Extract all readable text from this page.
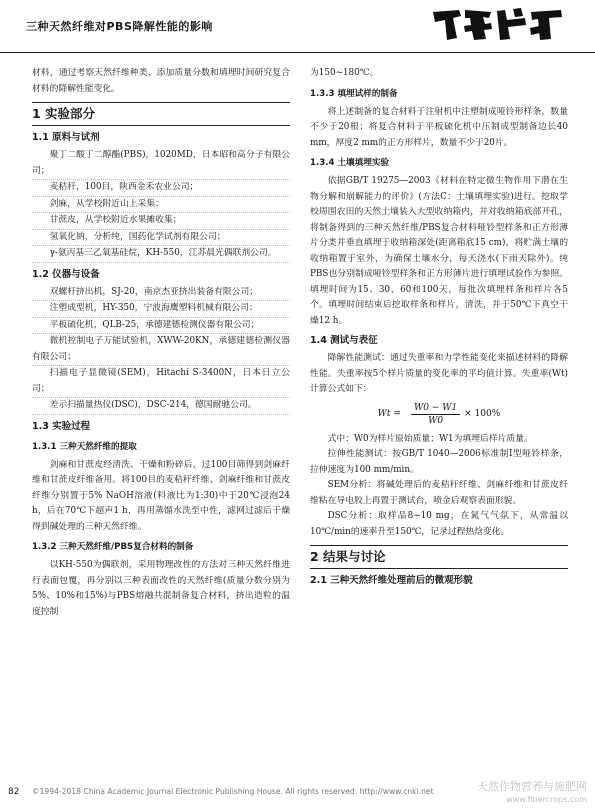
三种天然纤维对PBS降解性能的影响

材料，通过考察天然纤维种类、添加质量分数和填埋时间研究复合材料的降解性能变化。

1 实验部分
1.1 原料与试剂

聚丁二酸丁二醇酯(PBS)，1020MD，日本昭和高分子有限公司；

麦秸秆，100目，陕西金禾农业公司；

剑麻，从学校附近山上采集；

甘蔗皮，从学校附近水果摊收集；

氢氧化钠，分析纯，国药化学试剂有限公司；

γ-氨丙基三乙氧基硅烷，KH-550，江苏晨光偶联剂公司。

1.2 仪器与设备

双螺杆挤出机，SJ-20，南京杰亚挤出装备有限公司；

注塑成型机，HY-350，宁波海鹰塑料机械有限公司；

平板硫化机，QLB-25，承德建德检测仪器有限公司；

微机控制电子万能试验机，XWW-20KN，承德建德检测仪器有限公司；

扫描电子显微镜(SEM)，Hitachi S-3400N，日本日立公司；

差示扫描量热仪(DSC)，DSC-214，德国耐驰公司。

1.3 实验过程
1.3.1 三种天然纤维的提取

剑麻和甘蔗皮经清洗、干燥和粉碎后，过100目筛得到剑麻纤维和甘蔗皮纤维备用。将100目的麦秸秆纤维、剑麻纤维和甘蔗皮纤维分别置于5% NaOH溶液(料液比为1:30)中于20℃浸泡24 h，后在70℃下超声1 h，再用蒸馏水洗至中性，滤网过滤后干燥得到碱处理的三种天然纤维。

1.3.2 三种天然纤维/PBS复合材料的制备

以KH-550为偶联剂，采用物理改性的方法对三种天然纤维进行表面包覆，再分别以三种表面改性的天然纤维(质量分数分别为5%、10%和15%)与PBS熔融共混制备复合材料，挤出造粒的温度控制

为150~180℃。

1.3.3 填埋试样的制备

将上述制备的复合材料于注射机中注塑制成哑铃形样条，数量不少于20根；将复合材料于平板硫化机中压制成型制备边长40 mm，厚度2 mm的正方形样片，数量不少于20片。

1.3.4 土壤填埋实验

依据GB/T 19275—2003《材料在特定微生物作用下潜在生物分解和崩解能力的评价》(方法C：土壤填埋实验)进行。挖取学校周围农田的天然土壤装入大型收纳箱内，并对收纳箱底部开孔，将制备得到的三种天然纤维/PBS复合材料哑铃型样条和正方形薄片分类并垂直填埋于收纳箱深处(距离箱底15 cm)，将贮满土壤的收纳箱置于室外，为确保土壤水分，每天浇水(下雨天除外)。纯PBS也分别制成哑铃型样条和正方形薄片进行填埋试验作为参照。填埋时间为15、30、60和100天，每批次填埋样条和样片各5个。填埋时间结束后挖取样条和样片，清洗，并于50℃下真空干燥12 h。

1.4 测试与表征

降解性能测试：通过失重率和力学性能变化来描述材料的降解性能。失重率按5个样片质量的变化率的平均值计算。失重率(Wt)计算公式如下：

$Wt = \frac{W0 - W1}{W0} \times 100\%$

式中：W0为样片原始质量；W1为填埋后样片质量。

拉伸性能测试：按GB/T 1040—2006标准制I型哑铃样条，拉伸速度为100 mm/min。

SEM分析：将碱处理后的麦秸秆纤维、剑麻纤维和甘蔗皮纤维粘在导电胶上再置于测试台，喷金后观察表面形貌。

DSC分析：取样品8~10 mg，在氮气气氛下，从常温以10℃/min的速率升至150℃，记录过程热焓变化。

2 结果与讨论
2.1 三种天然纤维处理前后的微观形貌
82 ©1994-2018 China Academic Journal Electronic Publishing House. All rights reserved. http://www.cnki.net	天然作物营养与施肥网
www.fibercrops.com
